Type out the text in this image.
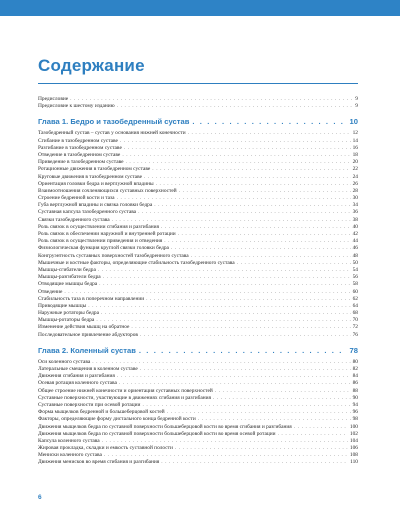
Содержание
Предисловие . . .	9
Предисловие к шестому изданию . . .	9
Глава 1. Бедро и тазобедренный сустав . . .	10
Тазобедренный сустав – сустав у основания нижней конечности . . .	12
Сгибание в тазобедренном суставе . . .	14
Разгибание в тазобедренном суставе . . .	16
Отведение в тазобедренном суставе . . .	18
Приведение в тазобедренном суставе . . .	20
Ротационные движения в тазобедренном суставе . . .	22
Круговые движения в тазобедренном суставе . . .	24
Ориентация головки бедра и вертлужной впадины . . .	26
Взаимоотношения сочленяющихся суставных поверхностей . . .	28
Строение бедренной кости и таза . . .	30
Губа вертлужной впадины и связка головки бедра . . .	34
Суставная капсула тазобедренного сустава . . .	36
Связки тазобедренного сустава . . .	38
Роль связок в осуществлении сгибания и разгибания . . .	40
Роль связок в обеспечении наружной и внутренней ротации . . .	42
Роль связок в осуществлении приведения и отведения . . .	44
Физиологическая функция круглой связки головки бедра . . .	46
Конгруэнтность суставных поверхностей тазобедренного сустава . . .	48
Мышечные и костные факторы, определяющие стабильность тазобедренного сустава . . .	50
Мышцы-сгибатели бедра . . .	54
Мышцы-разгибатели бедра . . .	56
Отводящие мышцы бедра . . .	58
Отведение . . .	60
Стабильность таза в поперечном направлении . . .	62
Приводящие мышцы . . .	64
Наружные ротаторы бедра . . .	68
Мышцы-ротаторы бедра . . .	70
Изменение действия мышц на обратное . . .	72
Последовательное привлечение абдукторов . . .	76
Глава 2. Коленный сустав . . .	78
Оси коленного сустава . . .	80
Латеральные смещения в коленном суставе . . .	82
Движения сгибания и разгибания . . .	84
Осевая ротация коленного сустава . . .	86
Общее строение нижней конечности и ориентация суставных поверхностей . . .	88
Суставные поверхности, участвующие в движениях сгибания и разгибания . . .	90
Суставные поверхности при осевой ротации . . .	94
Форма мыщелков бедренной и большеберцовой костей . . .	96
Факторы, определяющие форму дистального конца бедренной кости . . .	98
Движения мыщелков бедра по суставной поверхности большеберцовой кости во время сгибания и разгибания . . .	100
Движения мыщелков бедра по суставной поверхности большеберцовой кости во время осевой ротации . . .	102
Капсула коленного сустава . . .	104
Жировая прокладка, складки и емкость суставной полости . . .	106
Мениски коленного сустава . . .	108
Движения менисков во время сгибания и разгибания . . .	110
6
